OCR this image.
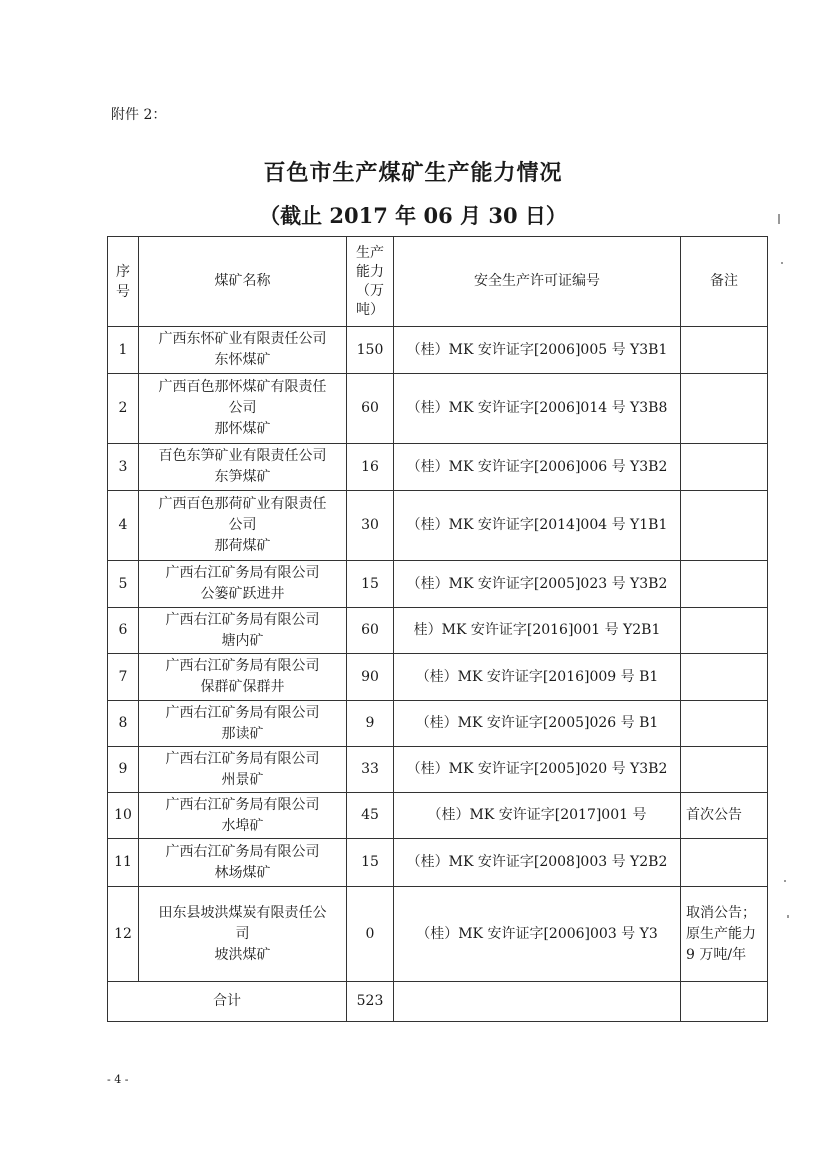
附件 2：
百色市生产煤矿生产能力情况
（截止 2017 年 06 月 30 日）
序号	煤矿名称	生产能力（万吨）	安全生产许可证编号	备注
1	广西东怀矿业有限责任公司
东怀煤矿	150	（桂）MK 安许证字[2006]005 号 Y3B1	

2	广西百色那怀煤矿有限责任
公司
那怀煤矿	60	（桂）MK 安许证字[2006]014 号 Y3B8	

3	百色东笋矿业有限责任公司
东笋煤矿	16	（桂）MK 安许证字[2006]006 号 Y3B2	

4	广西百色那荷矿业有限责任
公司
那荷煤矿	30	（桂）MK 安许证字[2014]004 号 Y1B1	

5	广西右江矿务局有限公司
公篓矿跃进井	15	（桂）MK 安许证字[2005]023 号 Y3B2	

6	广西右江矿务局有限公司
塘内矿	60	桂）MK 安许证字[2016]001 号 Y2B1	

7	广西右江矿务局有限公司
保群矿保群井	90	（桂）MK 安许证字[2016]009 号 B1	

8	广西右江矿务局有限公司
那读矿	9	（桂）MK 安许证字[2005]026 号 B1	

9	广西右江矿务局有限公司
州景矿	33	（桂）MK 安许证字[2005]020 号 Y3B2	

10	广西右江矿务局有限公司
水埠矿	45	（桂）MK 安许证字[2017]001 号	首次公告

11	广西右江矿务局有限公司
林场煤矿	15	（桂）MK 安许证字[2008]003 号 Y2B2	

12	田东县坡洪煤炭有限责任公
司
坡洪煤矿	0	（桂）MK 安许证字[2006]003 号 Y3	取消公告；原生产能力 9 万吨/年

合计		523		
- 4 -
